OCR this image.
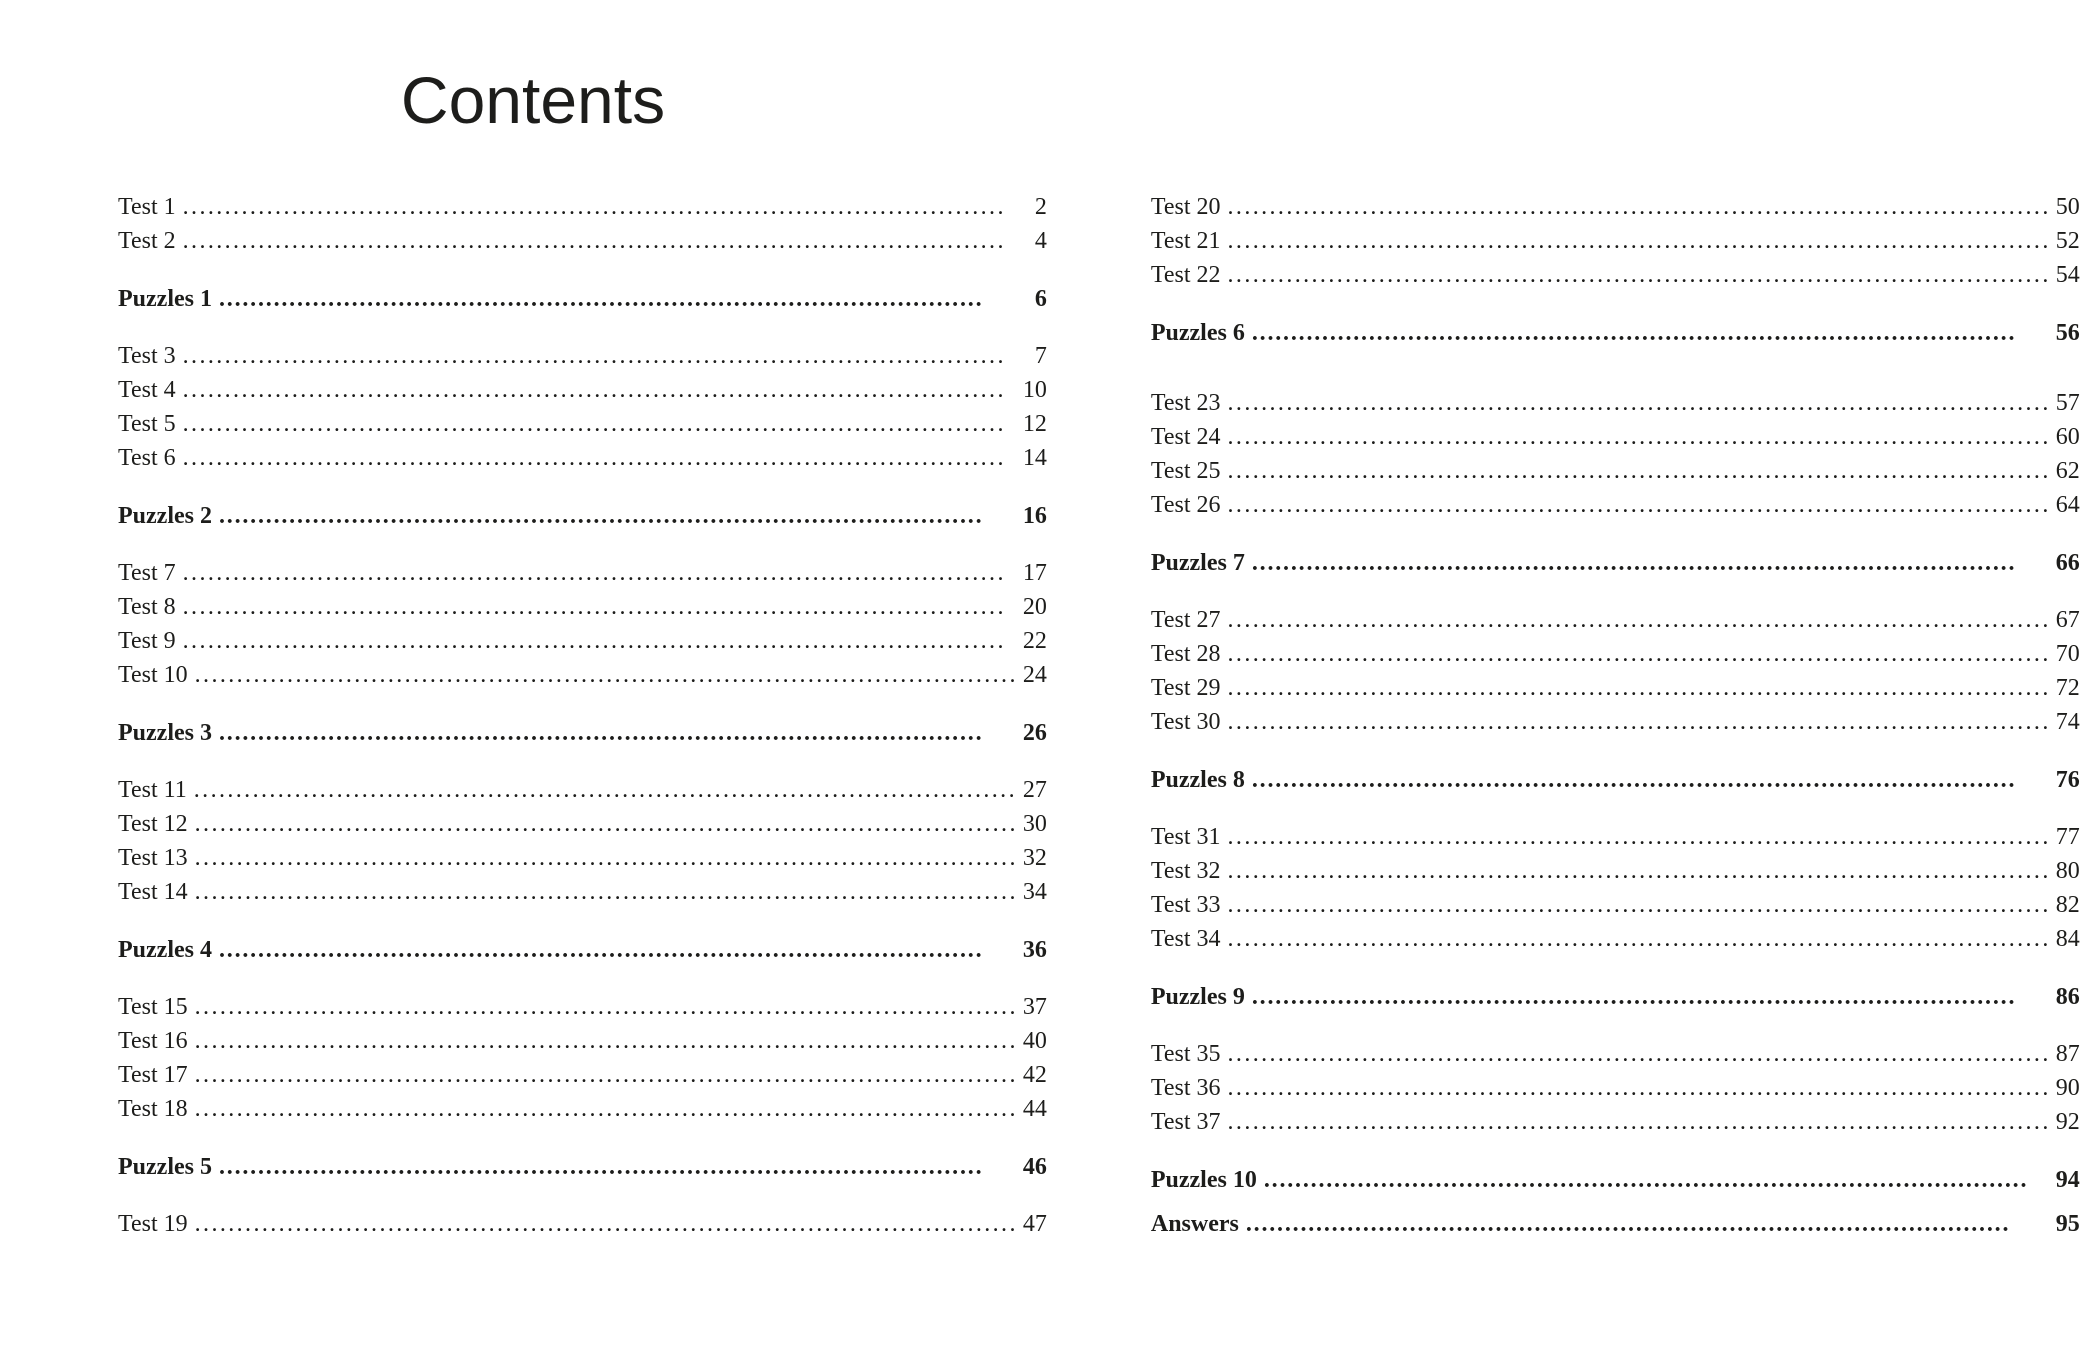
Contents
Test 1 .....	2
Test 2 .....	4
Puzzles 1 .....	6
Test 3 .....	7
Test 4 .....	10
Test 5 .....	12
Test 6 .....	14
Puzzles 2 .....	16
Test 7 .....	17
Test 8 .....	20
Test 9 .....	22
Test 10 .....	24
Puzzles 3 .....	26
Test 11 .....	27
Test 12 .....	30
Test 13 .....	32
Test 14 .....	34
Puzzles 4 .....	36
Test 15 .....	37
Test 16 .....	40
Test 17 .....	42
Test 18 .....	44
Puzzles 5 .....	46
Test 19 .....	47
Test 20 .....	50
Test 21 .....	52
Test 22 .....	54
Puzzles 6 .....	56
Test 23 .....	57
Test 24 .....	60
Test 25 .....	62
Test 26 .....	64
Puzzles 7 .....	66
Test 27 .....	67
Test 28 .....	70
Test 29 .....	72
Test 30 .....	74
Puzzles 8 .....	76
Test 31 .....	77
Test 32 .....	80
Test 33 .....	82
Test 34 .....	84
Puzzles 9 .....	86
Test 35 .....	87
Test 36 .....	90
Test 37 .....	92
Puzzles 10 .....	94
Answers .....	95
